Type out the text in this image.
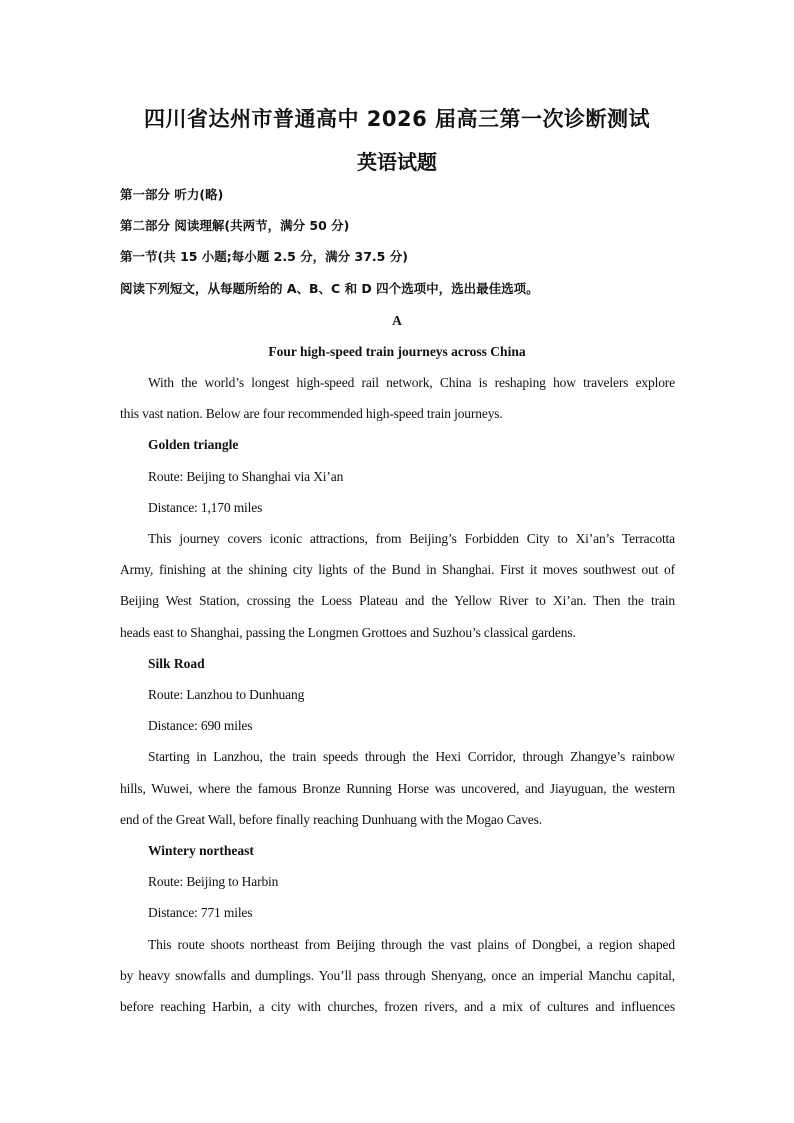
四川省达州市普通高中 2026 届高三第一次诊断测试
英语试题
第一部分 听力(略)
第二部分 阅读理解(共两节，满分 50 分)
第一节(共 15 小题;每小题 2.5 分，满分 37.5 分)
阅读下列短文，从每题所给的 A、B、C 和 D 四个选项中，选出最佳选项。
A
Four high-speed train journeys across China
With the world’s longest high-speed rail network, China is reshaping how travelers explore
this vast nation. Below are four recommended high-speed train journeys.
Golden triangle
Route: Beijing to Shanghai via Xi’an
Distance: 1,170 miles
This journey covers iconic attractions, from Beijing’s Forbidden City to Xi’an’s Terracotta
Army, finishing at the shining city lights of the Bund in Shanghai. First it moves southwest out of
Beijing West Station, crossing the Loess Plateau and the Yellow River to Xi’an. Then the train
heads east to Shanghai, passing the Longmen Grottoes and Suzhou’s classical gardens.
Silk Road
Route: Lanzhou to Dunhuang
Distance: 690 miles
Starting in Lanzhou, the train speeds through the Hexi Corridor, through Zhangye’s rainbow
hills, Wuwei, where the famous Bronze Running Horse was uncovered, and Jiayuguan, the western
end of the Great Wall, before finally reaching Dunhuang with the Mogao Caves.
Wintery northeast
Route: Beijing to Harbin
Distance: 771 miles
This route shoots northeast from Beijing through the vast plains of Dongbei, a region shaped
by heavy snowfalls and dumplings. You’ll pass through Shenyang, once an imperial Manchu capital,
before reaching Harbin, a city with churches, frozen rivers, and a mix of cultures and influences
